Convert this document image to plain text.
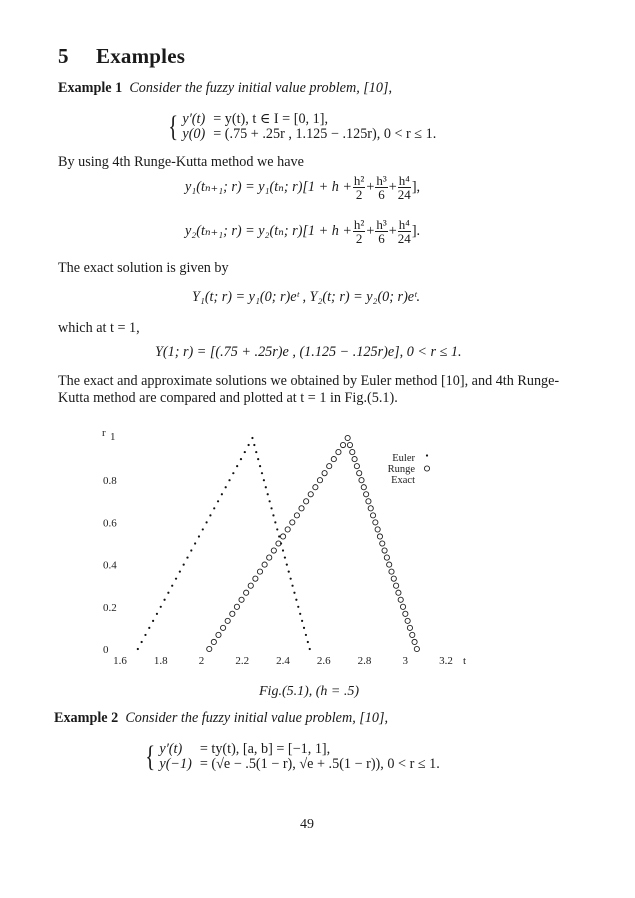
5 Examples
Example 1 Consider the fuzzy initial value problem, [10],
{ y′(t) = y(t), t ∈ I = [0, 1],
y(0) = (.75 + .25r , 1.125 − .125r), 0 < r ≤ 1.
By using 4th Runge-Kutta method we have
y₁(tₙ₊₁; r) = y₁(tₙ; $r)[1 + h + \frac{\text{h²}}{2} + \frac{\text{h³}}{6} + \frac{\text{h⁴}}{24}$ ],
y₂(tₙ₊₁; r) = y₂(tₙ; $r)[1 + h + \frac{\text{h²}}{2} + \frac{\text{h³}}{6} + \frac{\text{h⁴}}{24}$ ].
The exact solution is given by
Y₁(t; r) = y₁(0; r)eᵗ , Y₂(t; r) = y₂(0; r)eᵗ.
which at t = 1,
Y(1; r) = [(.75 + .25r)e , (1.125 − .125r)e], 0 < r ≤ 1.
The exact and approximate solutions we obtained by Euler method [10], and 4th Runge-
Kutta method are compared and plotted at t = 1 in Fig.(5.1).
0
0.2
0.4
0.6
0.8
1
1.6 1.8	2	2.2 2.4 2.6 2.8	3	3.2
r
t
Euler
Runge
Exact
Fig.(5.1), (h = .5)
Example 2 Consider the fuzzy initial value problem, [10],
{ y′(t)	= ty(t), [a, b] = [−1, 1],
y(−1) = (√e − .5(1 − r), √e + .5(1 − r)), 0 < r ≤ 1.
49
